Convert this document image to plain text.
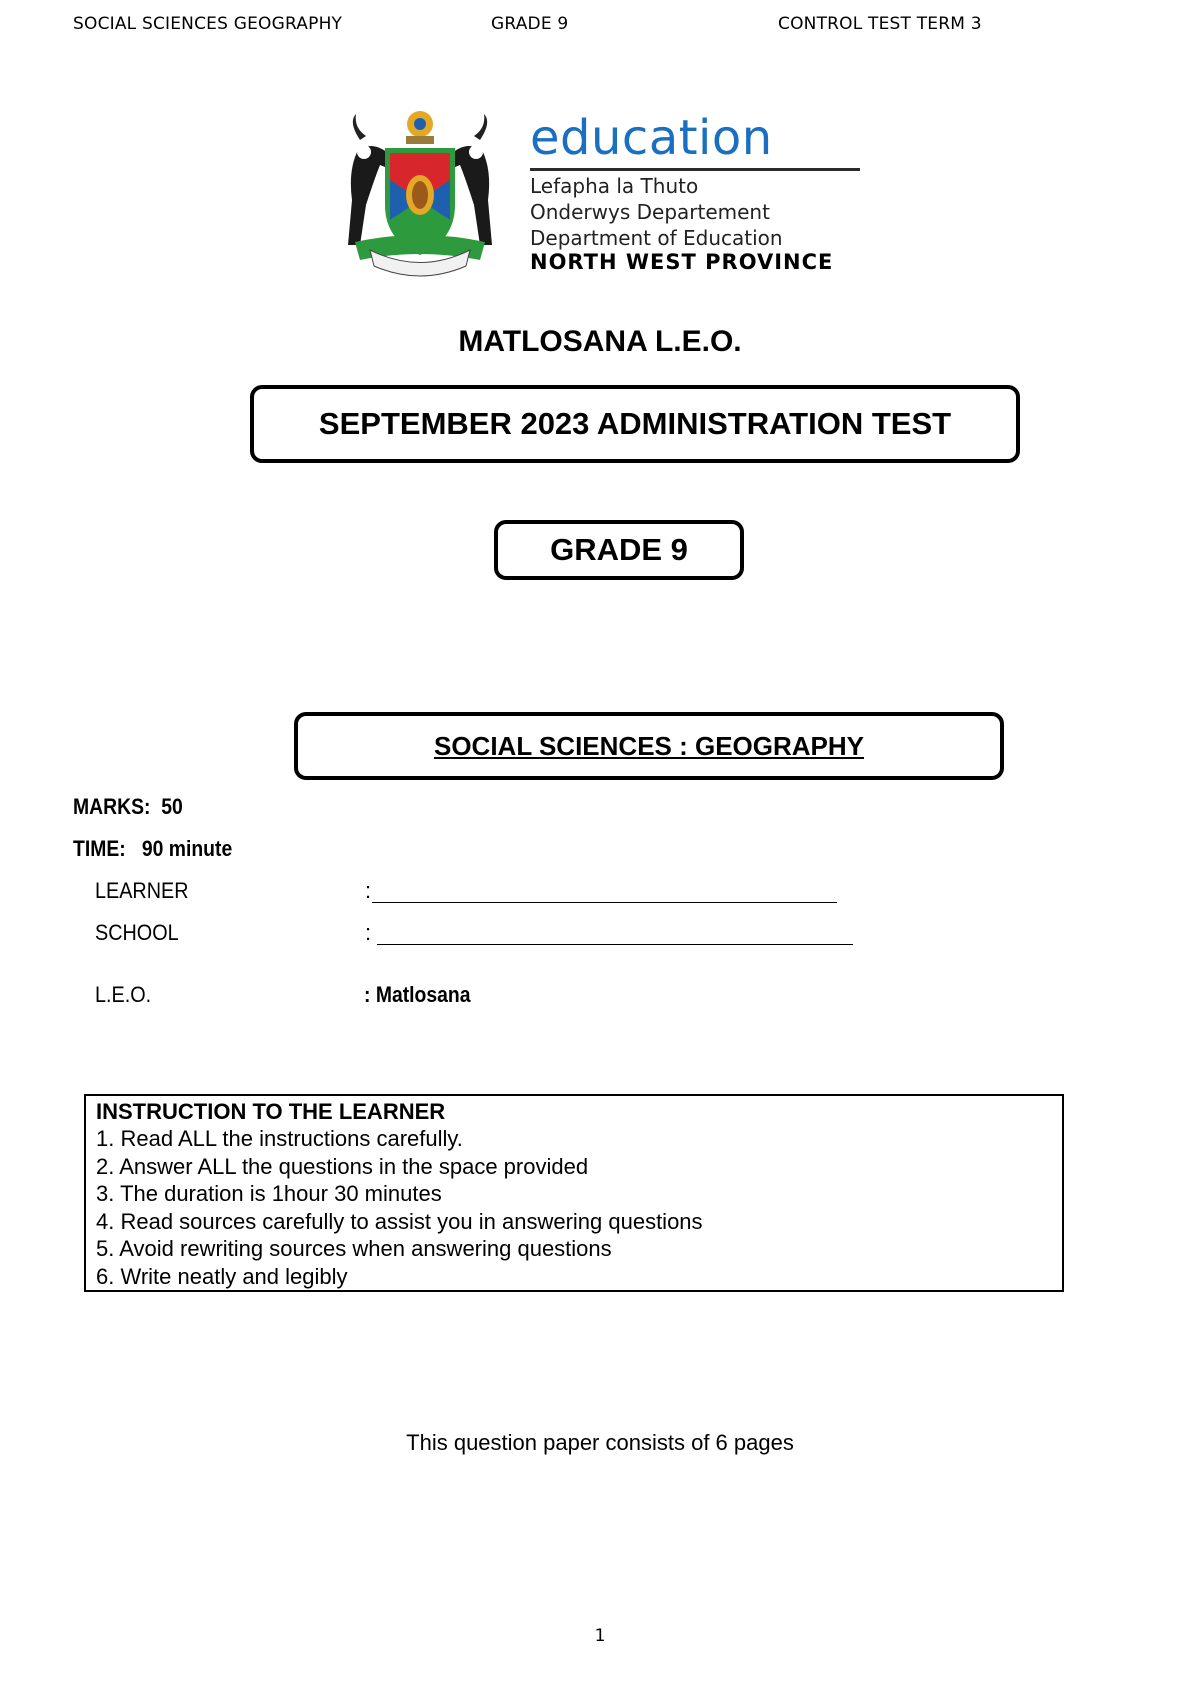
SOCIAL SCIENCES GEOGRAPHY	GRADE 9	CONTROL TEST TERM 3
education
Lefapha la Thuto
Onderwys Departement
Department of Education
NORTH WEST PROVINCE
MATLOSANA L.E.O.
SEPTEMBER 2023 ADMINISTRATION TEST
GRADE 9
SOCIAL SCIENCES : GEOGRAPHY
MARKS: 50
TIME: 90 minute
LEARNER	:
SCHOOL	:
L.E.O.	: Matlosana
INSTRUCTION TO THE LEARNER
1. Read ALL the instructions carefully.
2. Answer ALL the questions in the space provided
3. The duration is 1hour 30 minutes
4. Read sources carefully to assist you in answering questions
5. Avoid rewriting sources when answering questions
6. Write neatly and legibly
This question paper consists of 6 pages
1
